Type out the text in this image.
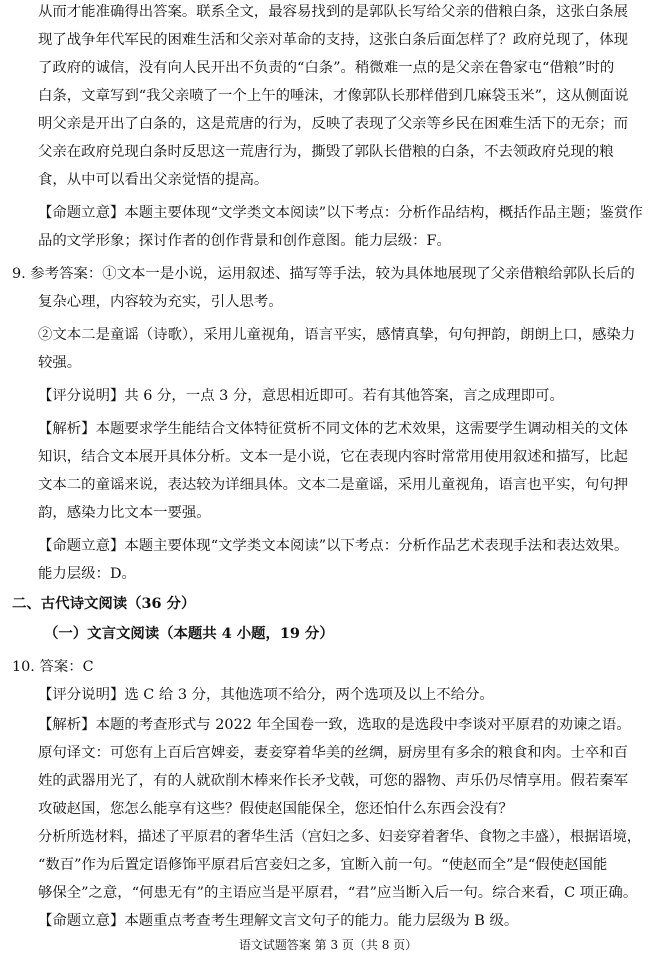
从而才能准确得出答案。联系全文，最容易找到的是郭队长写给父亲的借粮白条，这张白条展
现了战争年代军民的困难生活和父亲对革命的支持，这张白条后面怎样了？政府兑现了，体现
了政府的诚信，没有向人民开出不负责的“白条”。稍微难一点的是父亲在鲁家屯“借粮”时的
白条，文章写到“我父亲喷了一个上午的唾沫，才像郭队长那样借到几麻袋玉米”，这从侧面说
明父亲是开出了白条的，这是荒唐的行为，反映了表现了父亲等乡民在困难生活下的无奈；而
父亲在政府兑现白条时反思这一荒唐行为，撕毁了郭队长借粮的白条，不去领政府兑现的粮
食，从中可以看出父亲觉悟的提高。
【命题立意】本题主要体现“文学类文本阅读”以下考点：分析作品结构，概括作品主题；鉴赏作
品的文学形象；探讨作者的创作背景和创作意图。能力层级：F。
9. 参考答案：①文本一是小说，运用叙述、描写等手法，较为具体地展现了父亲借粮给郭队长后的
复杂心理，内容较为充实，引人思考。
②文本二是童谣（诗歌），采用儿童视角，语言平实，感情真挚，句句押韵，朗朗上口，感染力
较强。
【评分说明】共 6 分，一点 3 分，意思相近即可。若有其他答案，言之成理即可。
【解析】本题要求学生能结合文体特征赏析不同文体的艺术效果，这需要学生调动相关的文体
知识，结合文本展开具体分析。文本一是小说，它在表现内容时常常用使用叙述和描写，比起
文本二的童谣来说，表达较为详细具体。文本二是童谣，采用儿童视角，语言也平实，句句押
韵，感染力比文本一要强。
【命题立意】本题主要体现“文学类文本阅读”以下考点：分析作品艺术表现手法和表达效果。
能力层级：D。
二、古代诗文阅读（36 分）
（一）文言文阅读（本题共 4 小题，19 分）
10. 答案：C
【评分说明】选 C 给 3 分，其他选项不给分，两个选项及以上不给分。
【解析】本题的考查形式与 2022 年全国卷一致，选取的是选段中李谈对平原君的劝谏之语。
原句译文：可您有上百后宫婢妾，妻妾穿着华美的丝绸，厨房里有多余的粮食和肉。士卒和百
姓的武器用光了，有的人就砍削木棒来作长矛戈戟，可您的器物、声乐仍尽情享用。假若秦军
攻破赵国，您怎么能享有这些？假使赵国能保全，您还怕什么东西会没有？
分析所选材料，描述了平原君的奢华生活（宫妇之多、妇妾穿着奢华、食物之丰盛），根据语境，
“数百”作为后置定语修饰平原君后宫妾妇之多，宜断入前一句。“使赵而全”是“假使赵国能
够保全”之意，“何患无有”的主语应当是平原君，“君”应当断入后一句。综合来看，C 项正确。
【命题立意】本题重点考查考生理解文言文句子的能力。能力层级为 B 级。
语文试题答案 第 3 页（共 8 页）
